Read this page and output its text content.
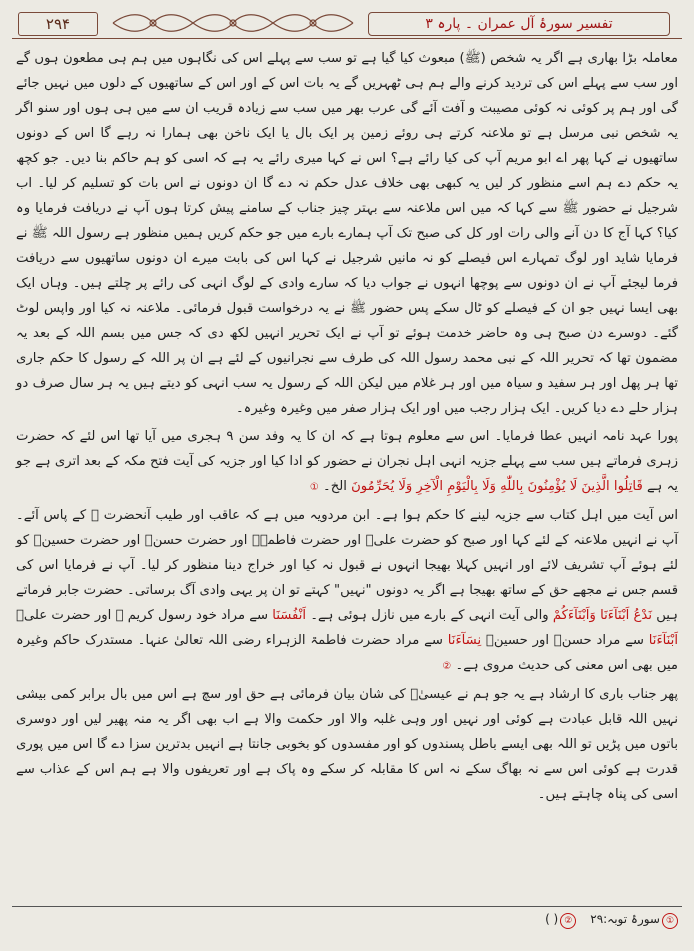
۲۹۴	تفسیر سورۂ آل عمران ۔ پارہ ۳

معاملہ بڑا بھاری ہے اگر یہ شخص (ﷺ) مبعوث کیا گیا ہے تو سب سے پہلے اس کی نگاہوں میں ہم ہی مطعون ہوں گے اور سب سے پہلے اس کی تردید کرنے والے ہم ہی ٹھہریں گے یہ بات اس کے اور اس کے ساتھیوں کے دلوں میں نہیں جائے گی اور ہم پر کوئی نہ کوئی مصیبت و آفت آئے گی عرب بھر میں سب سے زیادہ قریب ان سے میں ہی ہوں اور سنو اگر یہ شخص نبی مرسل ہے تو ملاعنہ کرتے ہی روئے زمین پر ایک بال یا ایک ناخن بھی ہمارا نہ رہے گا اس کے دونوں ساتھیوں نے کہا پھر اے ابو مریم آپ کی کیا رائے ہے؟ اس نے کہا میری رائے یہ ہے کہ اسی کو ہم حاکم بنا دیں۔ جو کچھ یہ حکم دے ہم اسے منظور کر لیں یہ کبھی بھی خلاف عدل حکم نہ دے گا ان دونوں نے اس بات کو تسلیم کر لیا۔ اب شرجیل نے حضور ﷺ سے کہا کہ میں اس ملاعنہ سے بہتر چیز جناب کے سامنے پیش کرتا ہوں آپ نے دریافت فرمایا وہ کیا؟ کہا آج کا دن آنے والی رات اور کل کی صبح تک آپ ہمارے بارے میں جو حکم کریں ہمیں منظور ہے رسول اللہ ﷺ نے فرمایا شاید اور لوگ تمہارے اس فیصلے کو نہ مانیں شرجیل نے کہا اس کی بابت میرے ان دونوں ساتھیوں سے دریافت فرما لیجئے آپ نے ان دونوں سے پوچھا انہوں نے جواب دیا کہ سارے وادی کے لوگ انہی کی رائے پر چلتے ہیں۔ وہاں ایک بھی ایسا نہیں جو ان کے فیصلے کو ٹال سکے پس حضور ﷺ نے یہ درخواست قبول فرمائی۔ ملاعنہ نہ کیا اور واپس لوٹ گئے۔ دوسرے دن صبح ہی وہ حاضر خدمت ہوئے تو آپ نے ایک تحریر انہیں لکھ دی کہ جس میں بسم اللہ کے بعد یہ مضمون تھا کہ تحریر اللہ کے نبی محمد رسول اللہ کی طرف سے نجرانیوں کے لئے ہے ان پر اللہ کے رسول کا حکم جاری تھا ہر پھل اور ہر سفید و سیاہ میں اور ہر غلام میں لیکن اللہ کے رسول یہ سب انہی کو دیتے ہیں یہ ہر سال صرف دو ہزار حلے دے دیا کریں۔ ایک ہزار رجب میں اور ایک ہزار صفر میں وغیرہ وغیرہ۔

پورا عہد نامہ انہیں عطا فرمایا۔ اس سے معلوم ہوتا ہے کہ ان کا یہ وفد سن ۹ ہجری میں آیا تھا اس لئے کہ حضرت زہری فرماتے ہیں سب سے پہلے جزیہ انہی اہل نجران نے حضور کو ادا کیا اور جزیہ کی آیت فتح مکہ کے بعد اتری ہے جو یہ ہے قَاتِلُوا الَّذِينَ لَا يُؤْمِنُونَ بِاللّٰهِ وَلَا بِالْيَوْمِ الْآخِرِ وَلَا يُحَرِّمُونَ الخ۔ ①

اس آیت میں اہل کتاب سے جزیہ لینے کا حکم ہوا ہے۔ ابن مردویہ میں ہے کہ عاقب اور طیب آنحضرت ﷺ کے پاس آئے۔ آپ نے انہیں ملاعنہ کے لئے کہا اور صبح کو حضرت علیؓ اور حضرت فاطمہؓ اور حضرت حسنؓ اور حضرت حسینؓ کو لئے ہوئے آپ تشریف لائے اور انہیں کہلا بھیجا انہوں نے قبول نہ کیا اور خراج دینا منظور کر لیا۔ آپ نے فرمایا اس کی قسم جس نے مجھے حق کے ساتھ بھیجا ہے اگر یہ دونوں "نہیں" کہتے تو ان پر یہی وادی آگ برساتی۔ حضرت جابر فرماتے ہیں نَدْعُ اَبْنَآءَنَا وَاَبْنَآءَكُمْ والی آیت انہی کے بارے میں نازل ہوئی ہے۔ اَنْفُسَنَا سے مراد خود رسول کریم ﷺ اور حضرت علیؓ اَبْنَآءَنَا سے مراد حسنؓ اور حسینؓ نِسَآءَنَا سے مراد حضرت فاطمۃ الزہراء رضی اللہ تعالیٰ عنہا۔ مستدرک حاکم وغیرہ میں بھی اس معنی کی حدیث مروی ہے۔ ②

پھر جناب باری کا ارشاد ہے یہ جو ہم نے عیسیٰؑ کی شان بیان فرمائی ہے حق اور سچ ہے اس میں بال برابر کمی بیشی نہیں اللہ قابل عبادت ہے کوئی اور نہیں اور وہی غلبہ والا اور حکمت والا ہے اب بھی اگر یہ منہ پھیر لیں اور دوسری باتوں میں پڑیں تو اللہ بھی ایسے باطل پسندوں کو اور مفسدوں کو بخوبی جانتا ہے انہیں بدترین سزا دے گا اس میں پوری قدرت ہے کوئی اس سے نہ بھاگ سکے نہ اس کا مقابلہ کر سکے وہ پاک ہے اور تعریفوں والا ہے ہم اس کے عذاب سے اسی کی پناہ چاہتے ہیں۔

①سورۂ توبہ:۲۹
②( )
